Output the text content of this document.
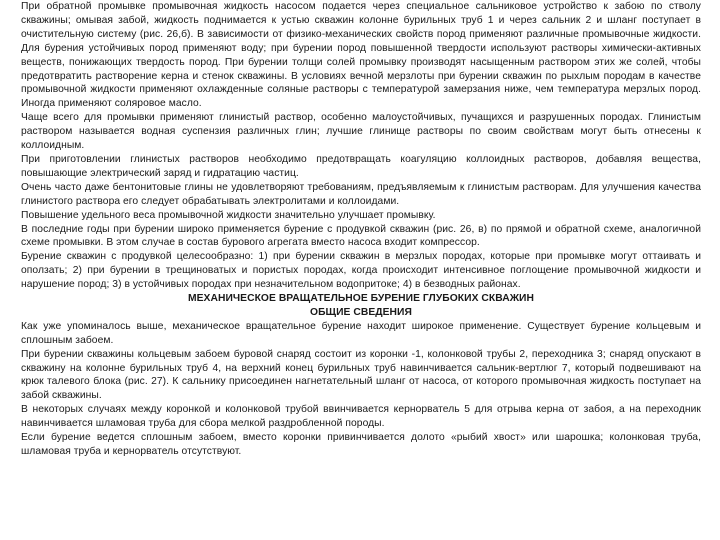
При обратной промывке промывочная жидкость насосом подается через специальное сальниковое устройство к забою по стволу скважины; омывая забой, жидкость поднимается к устью скважин колонне бурильных труб 1 и через сальник 2 и шланг поступает в очистительную систему (рис. 26,б). В зависимости от физико-механических свойств пород применяют различные промывочные жидкости. Для бурения устойчивых пород применяют воду; при бурении пород повышенной твердости используют растворы химически-активных веществ, понижающих твердость пород. При бурении толщи солей промывку производят насыщенным раствором этих же солей, чтобы предотвратить растворение керна и стенок скважины. В условиях вечной мерзлоты при бурении скважин по рыхлым породам в качестве промывочной жидкости применяют охлажденные соляные растворы с температурой замерзания ниже, чем температура мерзлых пород. Иногда применяют соляровое масло.

Чаще всего для промывки применяют глинистый раствор, особенно малоустойчивых, пучащихся и разрушенных породах. Глинистым раствором называется водная суспензия различных глин; лучшие глинище растворы по своим свойствам могут быть отнесены к коллоидным.

При приготовлении глинистых растворов необходимо предотвращать коагуляцию коллоидных растворов, добавляя вещества, повышающие электрический заряд и гидратацию частиц.

Очень часто даже бентонитовые глины не удовлетворяют требованиям, предъявляемым к глинистым растворам. Для улучшения качества глинистого раствора его следует обрабатывать электролитами и коллоидами.

Повышение удельного веса промывочной жидкости значительно улучшает промывку.

В последние годы при бурении широко применяется бурение с продувкой скважин (рис. 26, в) по прямой и обратной схеме, аналогичной схеме промывки. В этом случае в состав бурового агрегата вместо насоса входит компрессор.

Бурение скважин с продувкой целесообразно: 1) при бурении скважин в мерзлых породах, которые при промывке могут оттаивать и оползать; 2) при бурении в трещиноватых и пористых породах, когда происходит интенсивное поглощение промывочной жидкости и нарушение пород; 3) в устойчивых породах при незначительном водопритоке; 4) в безводных районах.

МЕХАНИЧЕСКОЕ ВРАЩАТЕЛЬНОЕ БУРЕНИЕ ГЛУБОКИХ СКВАЖИН
ОБЩИЕ СВЕДЕНИЯ

Как уже упоминалось выше, механическое вращательное бурение находит широкое применение. Существует бурение кольцевым и сплошным забоем.

При бурении скважины кольцевым забоем буровой снаряд состоит из коронки -1, колонковой трубы 2, переходника 3; снаряд опускают в скважину на колонне бурильных труб 4, на верхний конец бурильных труб навинчивается сальник-вертлюг 7, который подвешивают на крюк талевого блока (рис. 27). К сальнику присоединен нагнетательный шланг от насоса, от которого промывочная жидкость поступает на забой скважины.

В некоторых случаях между коронкой и колонковой трубой ввинчивается кернорватель 5 для отрыва керна от забоя, а на переходник навинчивается шламовая труба для сбора мелкой раздробленной породы.

Если бурение ведется сплошным забоем, вместо коронки привинчивается долото «рыбий хвост» или шарошка; колонковая труба, шламовая труба и кернорватель отсутствуют.
